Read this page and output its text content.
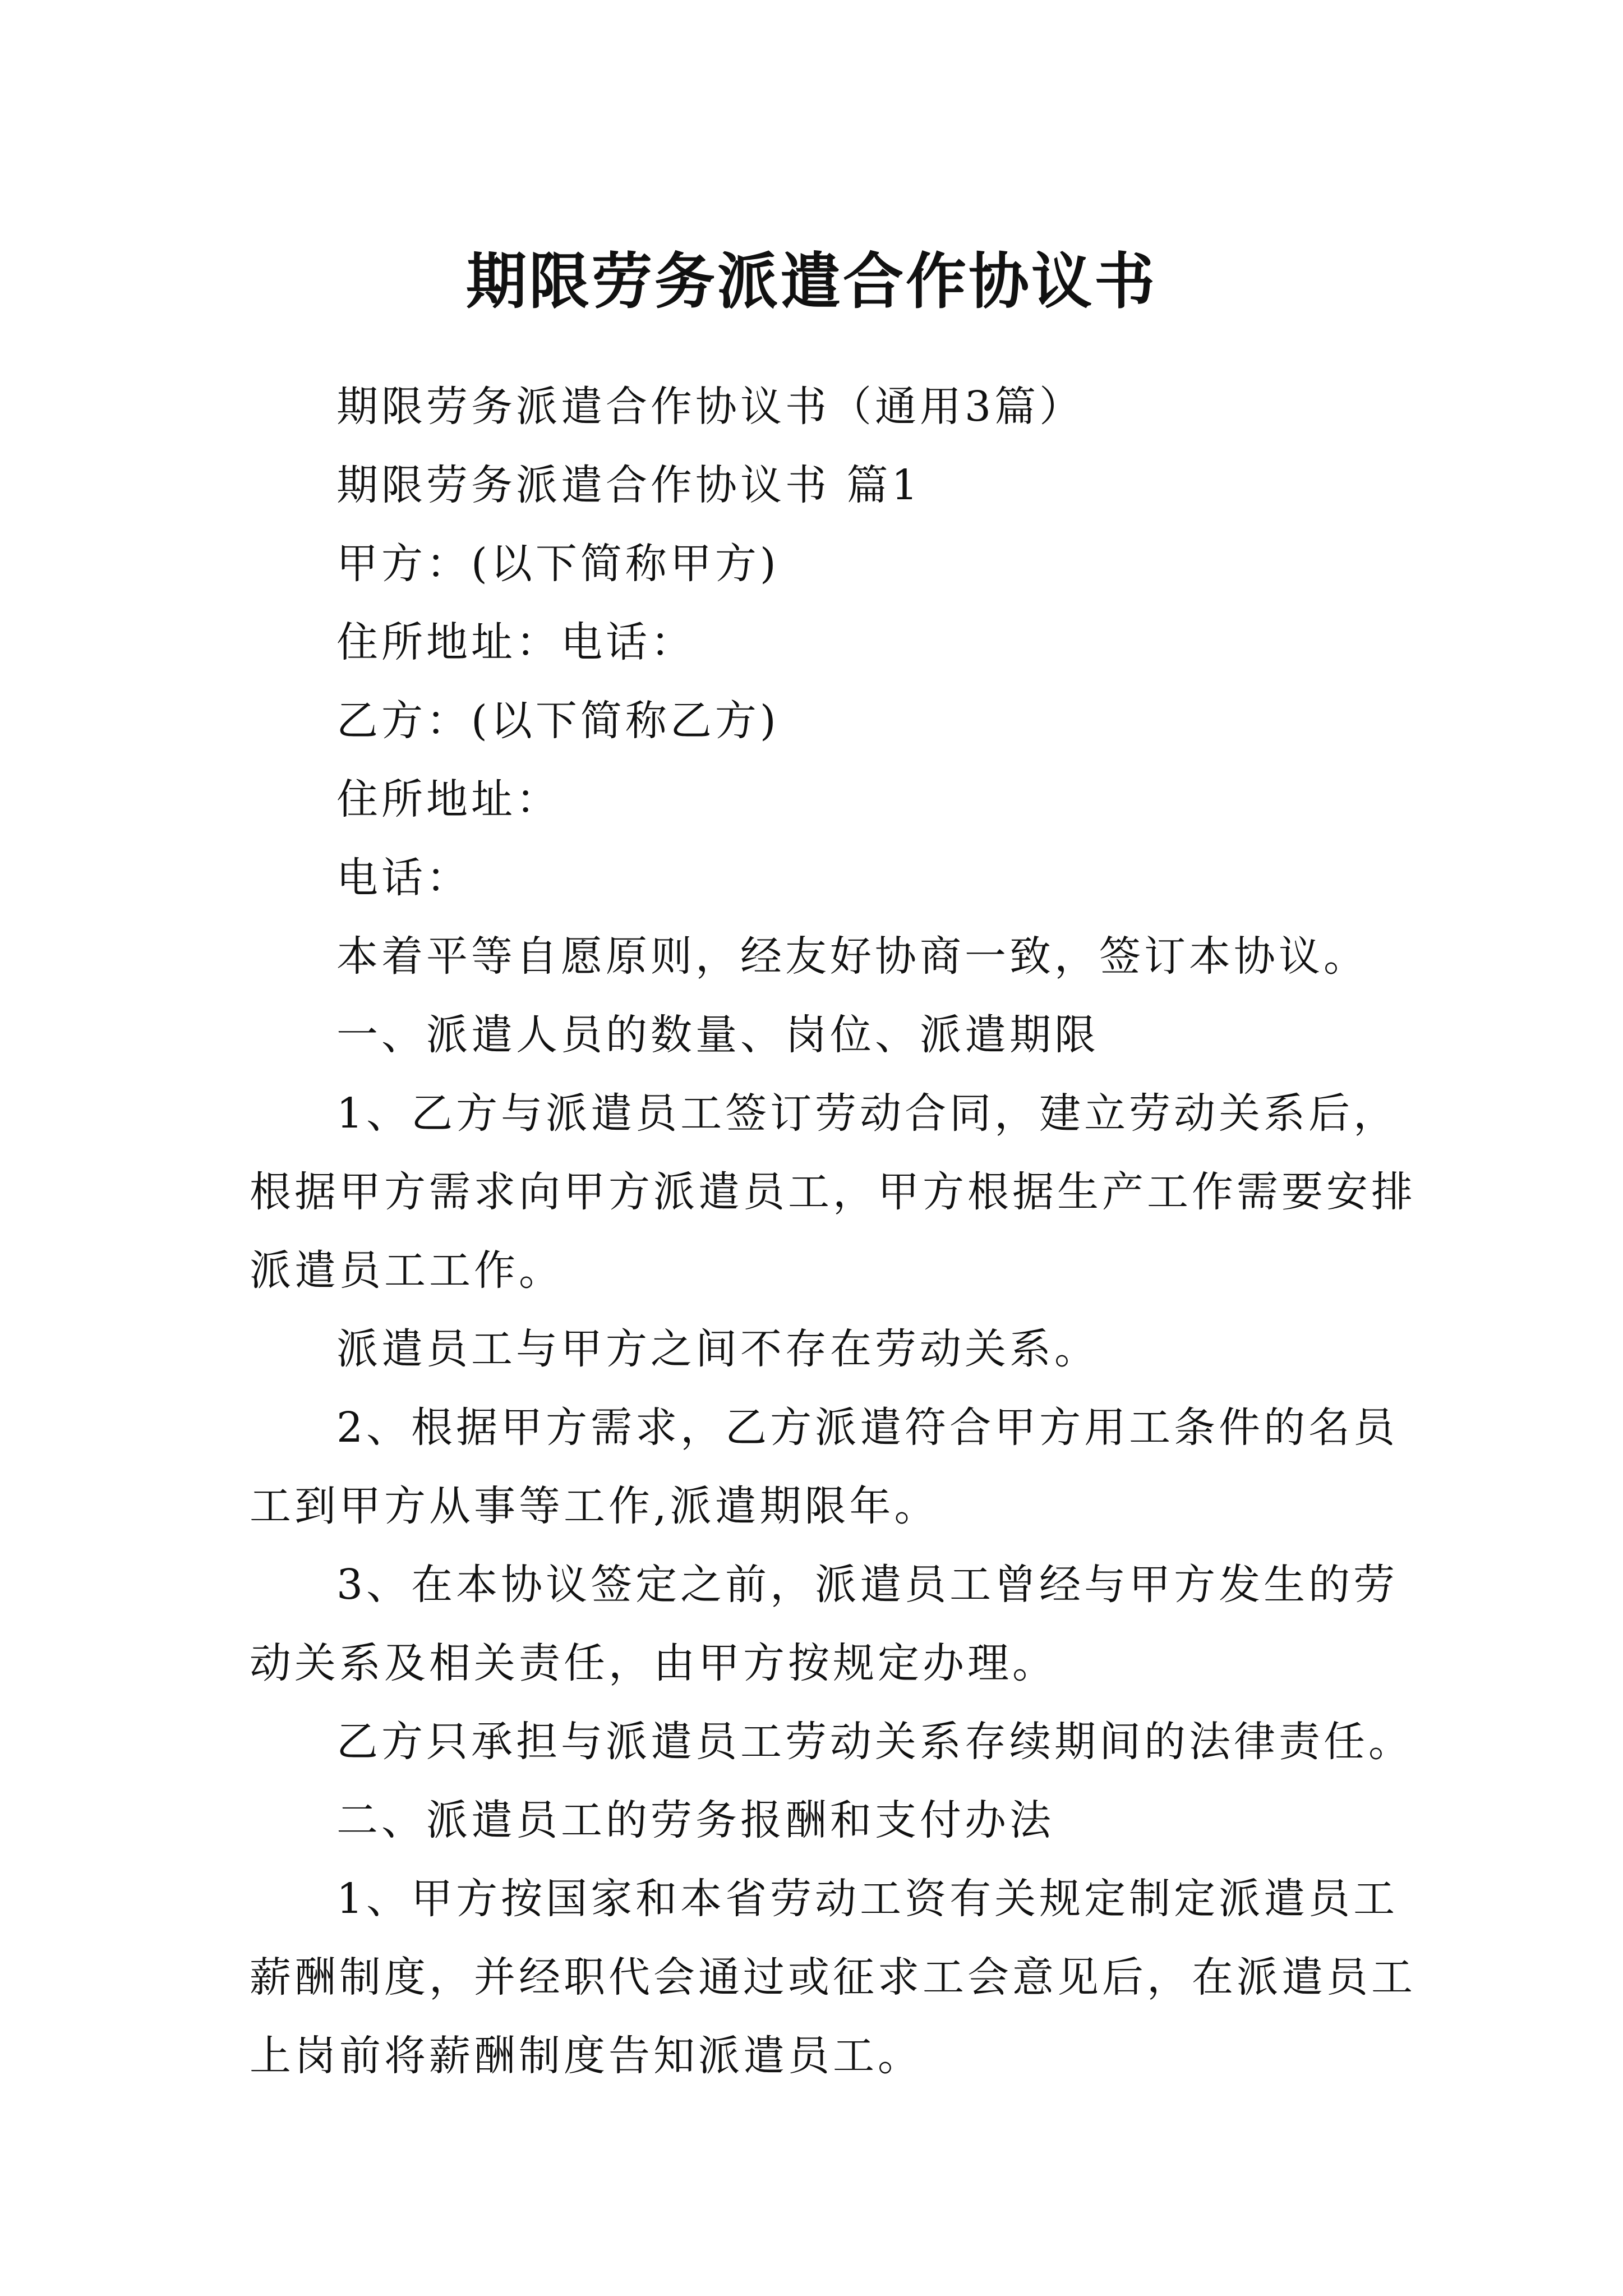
期限劳务派遣合作协议书

期限劳务派遣合作协议书（通用3篇）

期限劳务派遣合作协议书 篇1

甲方：(以下简称甲方)

住所地址：电话：

乙方：(以下简称乙方)

住所地址：

电话：

本着平等自愿原则，经友好协商一致，签订本协议。

一、派遣人员的数量、岗位、派遣期限

1、乙方与派遣员工签订劳动合同，建立劳动关系后，根据甲方需求向甲方派遣员工，甲方根据生产工作需要安排派遣员工工作。

派遣员工与甲方之间不存在劳动关系。

2、根据甲方需求，乙方派遣符合甲方用工条件的名员工到甲方从事等工作,派遣期限年。

3、在本协议签定之前，派遣员工曾经与甲方发生的劳动关系及相关责任，由甲方按规定办理。

乙方只承担与派遣员工劳动关系存续期间的法律责任。

二、派遣员工的劳务报酬和支付办法

1、甲方按国家和本省劳动工资有关规定制定派遣员工薪酬制度，并经职代会通过或征求工会意见后，在派遣员工上岗前将薪酬制度告知派遣员工。
